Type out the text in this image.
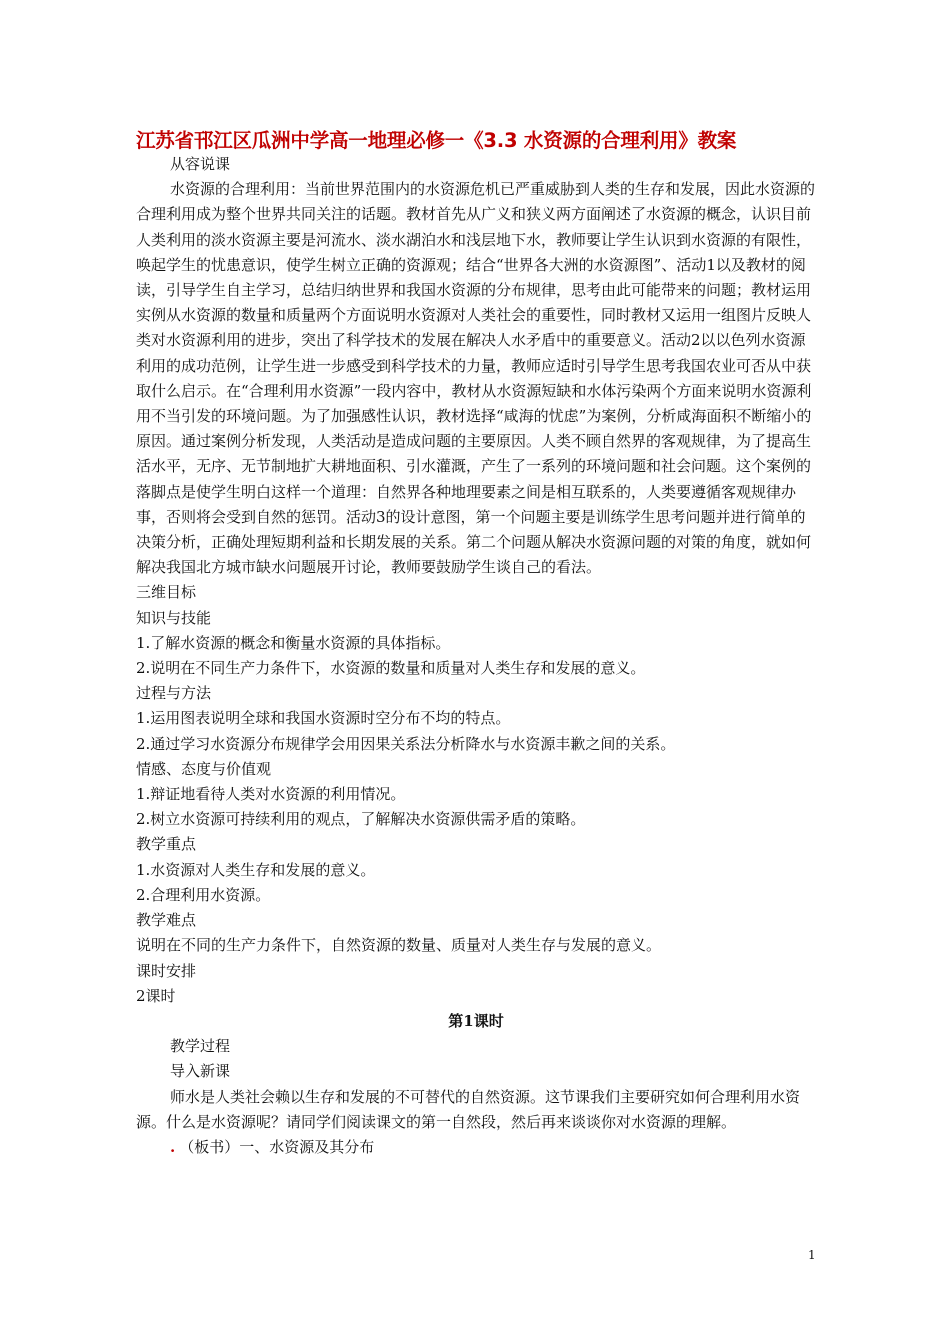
江苏省邗江区瓜洲中学高一地理必修一《3.3 水资源的合理利用》教案

从容说课

水资源的合理利用：当前世界范围内的水资源危机已严重威胁到人类的生存和发展，因此水资源的合理利用成为整个世界共同关注的话题。教材首先从广义和狭义两方面阐述了水资源的概念，认识目前人类利用的淡水资源主要是河流水、淡水湖泊水和浅层地下水，教师要让学生认识到水资源的有限性，唤起学生的忧患意识，使学生树立正确的资源观；结合“世界各大洲的水资源图”、活动1以及教材的阅读，引导学生自主学习，总结归纳世界和我国水资源的分布规律，思考由此可能带来的问题；教材运用实例从水资源的数量和质量两个方面说明水资源对人类社会的重要性，同时教材又运用一组图片反映人类对水资源利用的进步，突出了科学技术的发展在解决人水矛盾中的重要意义。活动2以以色列水资源利用的成功范例，让学生进一步感受到科学技术的力量，教师应适时引导学生思考我国农业可否从中获取什么启示。在“合理利用水资源”一段内容中，教材从水资源短缺和水体污染两个方面来说明水资源利用不当引发的环境问题。为了加强感性认识，教材选择“咸海的忧虑”为案例，分析咸海面积不断缩小的原因。通过案例分析发现，人类活动是造成问题的主要原因。人类不顾自然界的客观规律，为了提高生活水平，无序、无节制地扩大耕地面积、引水灌溉，产生了一系列的环境问题和社会问题。这个案例的落脚点是使学生明白这样一个道理：自然界各种地理要素之间是相互联系的，人类要遵循客观规律办事，否则将会受到自然的惩罚。活动3的设计意图，第一个问题主要是训练学生思考问题并进行简单的决策分析，正确处理短期利益和长期发展的关系。第二个问题从解决水资源问题的对策的角度，就如何解决我国北方城市缺水问题展开讨论，教师要鼓励学生谈自己的看法。

三维目标

知识与技能

1.了解水资源的概念和衡量水资源的具体指标。

2.说明在不同生产力条件下，水资源的数量和质量对人类生存和发展的意义。

过程与方法

1.运用图表说明全球和我国水资源时空分布不均的特点。

2.通过学习水资源分布规律学会用因果关系法分析降水与水资源丰歉之间的关系。

情感、态度与价值观

1.辩证地看待人类对水资源的利用情况。

2.树立水资源可持续利用的观点，了解解决水资源供需矛盾的策略。

教学重点

1.水资源对人类生存和发展的意义。

2.合理利用水资源。

教学难点

说明在不同的生产力条件下，自然资源的数量、质量对人类生存与发展的意义。

课时安排

2课时

第1课时

教学过程

导入新课

师水是人类社会赖以生存和发展的不可替代的自然资源。这节课我们主要研究如何合理利用水资源。什么是水资源呢？请同学们阅读课文的第一自然段，然后再来谈谈你对水资源的理解。

. （板书）一、水资源及其分布

1
